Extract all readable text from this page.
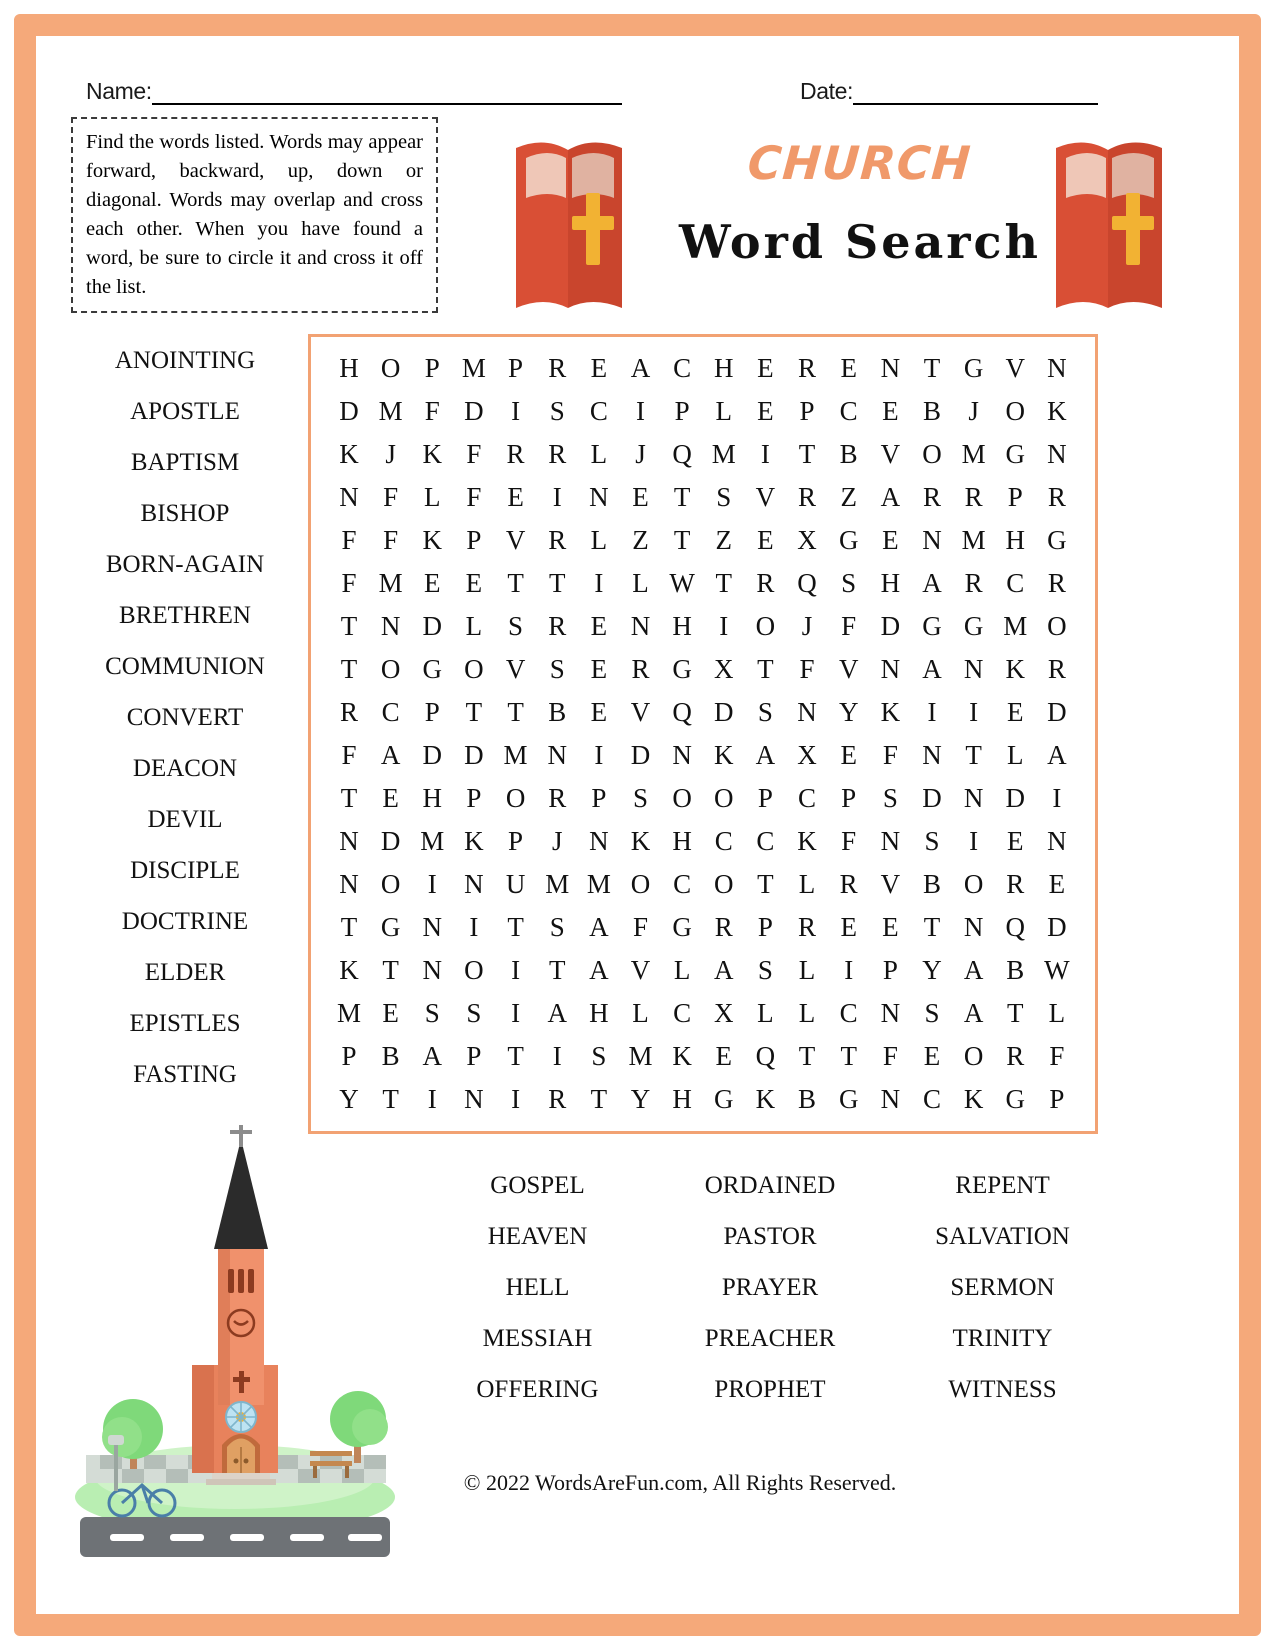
Name:	Date:
Find the words listed. Words may appear forward, backward, up, down or diagonal. Words may overlap and cross each other. When you have found a word, be sure to circle it and cross it off the list.
church
Word Search
ANOINTING
APOSTLE
BAPTISM
BISHOP
BORN-AGAIN
BRETHREN
COMMUNION
CONVERT
DEACON
DEVIL
DISCIPLE
DOCTRINE
ELDER
EPISTLES
FASTING
H O P M P R E A C H E R E N T G V N
D M F D	I	S C	I	P L E P C E B	J O K
K J K F R R L	J Q M I	T B V O M G N
N F L F E	I	N E T S V R Z A R R P R
F F K P V R L Z T Z E X G E N M H G
F M E E T T	I	L W T R Q S H A R C R
T N D L S R E N H	I	O J	F D G G M O
T O G O V S E R G X T F V N A N K R
R C P T T B E V Q D S N Y K	I	I	E D
F A D D M N	I	D N K A X E F N T L A
T E H P O R P S O O P C P S D N D	I
N D M K P	J N K H C C K F N S	I	E N
N O	I	N U M M O C O T L R V B O R E
T G N	I	T S A F G R P R E E T N Q D
K T N O	I	T A V L A S L	I	P Y A B W
M E S S	I	A H L C X L L C N S A T L
P B A P T	I	S M K E Q T T F E O R F
Y T	I	N	I	R T Y H G K B G N C K G P
GOSPEL
HEAVEN
HELL
MESSIAH
OFFERING
ORDAINED
PASTOR
PRAYER
PREACHER
PROPHET
REPENT
SALVATION
SERMON
TRINITY
WITNESS
© 2022 WordsAreFun.com, All Rights Reserved.
